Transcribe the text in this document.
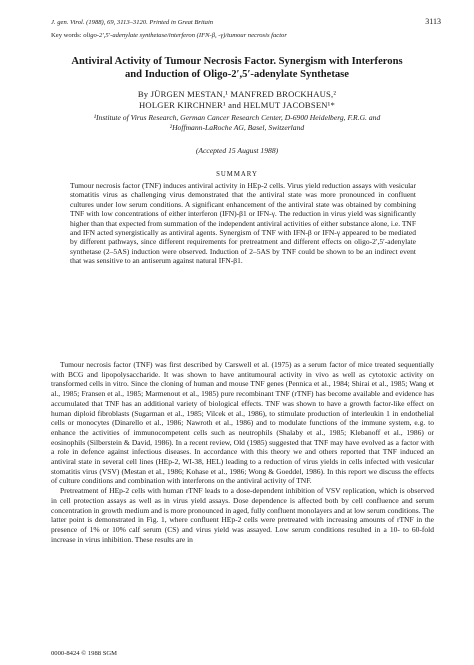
J. gen. Virol. (1988), 69, 3113–3120. Printed in Great Britain	3113
Key words: oligo-2′,5′-adenylate synthetase/interferon (IFN-β, -γ)/tumour necrosis factor
Antiviral Activity of Tumour Necrosis Factor. Synergism with Interferons
and Induction of Oligo-2′,5′-adenylate Synthetase
By JÜRGEN MESTAN,¹ MANFRED BROCKHAUS,²
HOLGER KIRCHNER¹ and HELMUT JACOBSEN¹*
¹Institute of Virus Research, German Cancer Research Center, D-6900 Heidelberg, F.R.G. and
²Hoffmann-LaRoche AG, Basel, Switzerland
(Accepted 15 August 1988)
SUMMARY
Tumour necrosis factor (TNF) induces antiviral activity in HEp-2 cells. Virus yield reduction assays with vesicular stomatitis virus as challenging virus demonstrated that the antiviral state was more pronounced in confluent cultures under low serum conditions. A significant enhancement of the antiviral state was obtained by combining TNF with low concentrations of either interferon (IFN)-β1 or IFN-γ. The reduction in virus yield was significantly higher than that expected from summation of the independent antiviral activities of either substance alone, i.e. TNF and IFN acted synergistically as antiviral agents. Synergism of TNF with IFN-β or IFN-γ appeared to be mediated by different pathways, since different requirements for pretreatment and different effects on oligo-2′,5′-adenylate synthetase (2–5AS) induction were observed. Induction of 2–5AS by TNF could be shown to be an indirect event that was sensitive to an antiserum against natural IFN-β1.

Tumour necrosis factor (TNF) was first described by Carswell et al. (1975) as a serum factor of mice treated sequentially with BCG and lipopolysaccharide. It was shown to have antitumoural activity in vivo as well as cytotoxic activity on transformed cells in vitro. Since the cloning of human and mouse TNF genes (Pennica et al., 1984; Shirai et al., 1985; Wang et al., 1985; Fransen et al., 1985; Marmenout et al., 1985) pure recombinant TNF (rTNF) has become available and evidence has accumulated that TNF has an additional variety of biological effects. TNF was shown to have a growth factor-like effect on human diploid fibroblasts (Sugarman et al., 1985; Vilcek et al., 1986), to stimulate production of interleukin 1 in endothelial cells or monocytes (Dinarello et al., 1986; Nawroth et al., 1986) and to modulate functions of the immune system, e.g. to enhance the activities of immunocompetent cells such as neutrophils (Shalaby et al., 1985; Klebanoff et al., 1986) or eosinophils (Silberstein & David, 1986). In a recent review, Old (1985) suggested that TNF may have evolved as a factor with a role in defence against infectious diseases. In accordance with this theory we and others reported that TNF induced an antiviral state in several cell lines (HEp-2, WI-38, HEL) leading to a reduction of virus yields in cells infected with vesicular stomatitis virus (VSV) (Mestan et al., 1986; Kohase et al., 1986; Wong & Goeddel, 1986). In this report we discuss the effects of culture conditions and combination with interferons on the antiviral activity of TNF.

Pretreatment of HEp-2 cells with human rTNF leads to a dose-dependent inhibition of VSV replication, which is observed in cell protection assays as well as in virus yield assays. Dose dependence is affected both by cell confluence and serum concentration in growth medium and is more pronounced in aged, fully confluent monolayers and at low serum conditions. The latter point is demonstrated in Fig. 1, where confluent HEp-2 cells were pretreated with increasing amounts of rTNF in the presence of 1% or 10% calf serum (CS) and virus yield was assayed. Low serum conditions resulted in a 10- to 60-fold increase in virus inhibition. These results are in

0000-8424 © 1988 SGM
